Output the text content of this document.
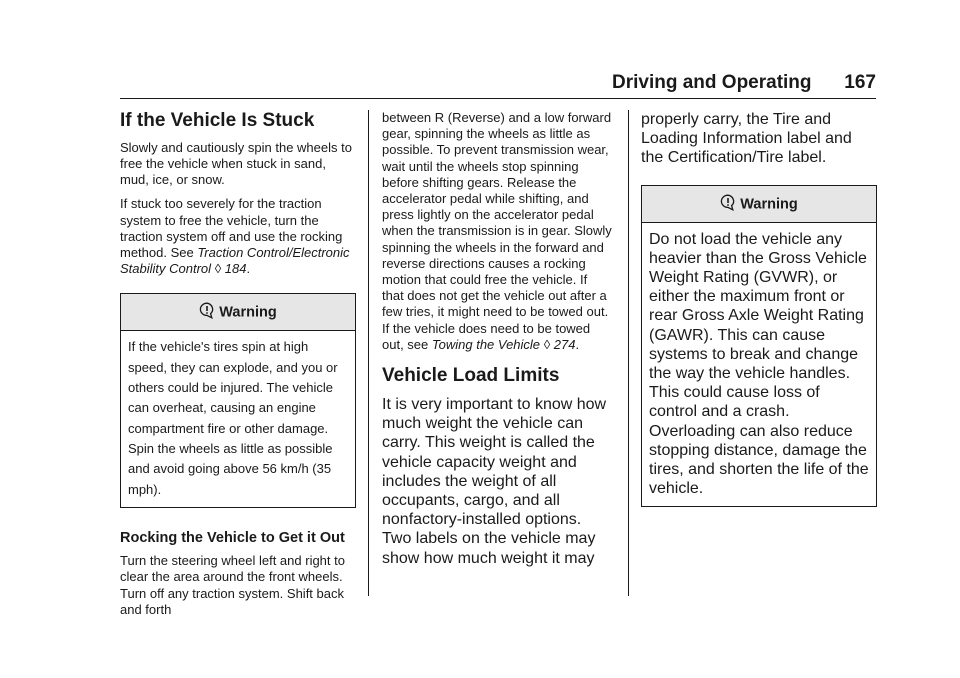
Driving and Operating 167
If the Vehicle Is Stuck

Slowly and cautiously spin the wheels to free the vehicle when stuck in sand, mud, ice, or snow.

If stuck too severely for the traction system to free the vehicle, turn the traction system off and use the rocking method. See Traction Control/Electronic Stability Control ◊ 184.

Warning
If the vehicle's tires spin at high speed, they can explode, and you or others could be injured. The vehicle can overheat, causing an engine compartment fire or other damage. Spin the wheels as little as possible and avoid going above 56 km/h (35 mph).
Rocking the Vehicle to Get it Out

Turn the steering wheel left and right to clear the area around the front wheels. Turn off any traction system. Shift back and forth

between R (Reverse) and a low forward gear, spinning the wheels as little as possible. To prevent transmission wear, wait until the wheels stop spinning before shifting gears. Release the accelerator pedal while shifting, and press lightly on the accelerator pedal when the transmission is in gear. Slowly spinning the wheels in the forward and reverse directions causes a rocking motion that could free the vehicle. If that does not get the vehicle out after a few tries, it might need to be towed out. If the vehicle does need to be towed out, see Towing the Vehicle ◊ 274.

Vehicle Load Limits

It is very important to know how much weight the vehicle can carry. This weight is called the vehicle capacity weight and includes the weight of all occupants, cargo, and all nonfactory-installed options. Two labels on the vehicle may show how much weight it may

properly carry, the Tire and Loading Information label and the Certification/Tire label.

Warning
Do not load the vehicle any heavier than the Gross Vehicle Weight Rating (GVWR), or either the maximum front or rear Gross Axle Weight Rating (GAWR). This can cause systems to break and change the way the vehicle handles. This could cause loss of control and a crash. Overloading can also reduce stopping distance, damage the tires, and shorten the life of the vehicle.
